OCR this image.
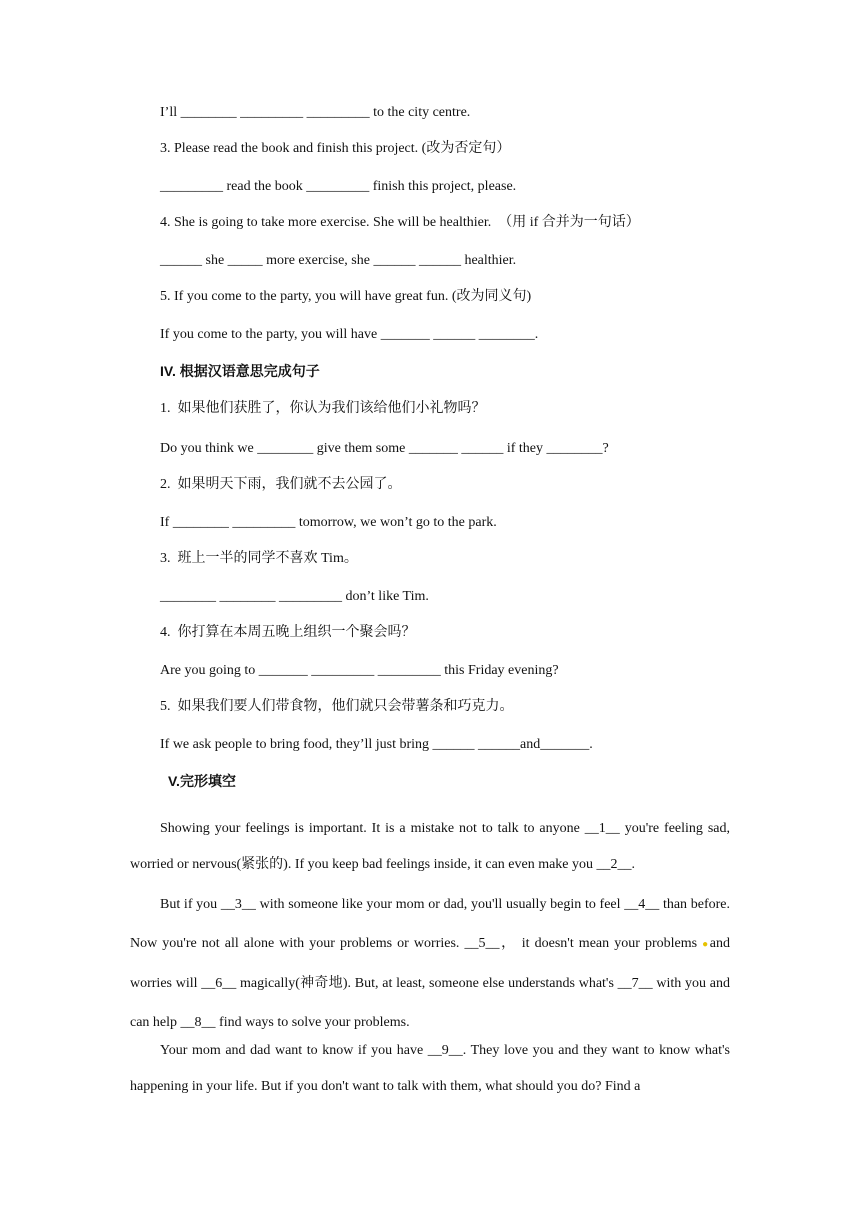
I’ll ________ _________ _________ to the city centre.
3. Please read the book and finish this project. (改为否定句）
_________ read the book _________ finish this project, please.
4. She is going to take more exercise. She will be healthier.  （用 if 合并为一句话）
______ she _____ more exercise, she ______ ______ healthier.
5. If you come to the party, you will have great fun. (改为同义句)
If you come to the party, you will have _______ ______ ________.
IV. 根据汉语意思完成句子
1.  如果他们获胜了，你认为我们该给他们小礼物吗？
Do you think we ________ give them some _______ ______ if they ________?
2.  如果明天下雨，我们就不去公园了。
If ________ _________ tomorrow, we won’t go to the park.
3.  班上一半的同学不喜欢 Tim。
________ ________ _________ don’t like Tim.
4.  你打算在本周五晚上组织一个聚会吗？
Are you going to _______ _________ _________ this Friday evening?
5.  如果我们要人们带食物，他们就只会带薯条和巧克力。
If we ask people to bring food, they’ll just bring ______ ______and_______.
V.完形填空
Showing your feelings is important. It is a mistake not to talk to anyone __1__ you're feeling sad, worried or nervous(紧张的). If you keep bad feelings inside, it can even make you __2__.
But if you __3__ with someone like your mom or dad, you'll usually begin to feel __4__ than before. Now you're not all alone with your problems or worries. __5__， it doesn't mean your problems ●and worries will __6__ magically(神奇地). But, at least, someone else understands what's __7__ with you and can help __8__ find ways to solve your problems.
Your mom and dad want to know if you have __9__. They love you and they want to know what's happening in your life. But if you don't want to talk with them, what should you do? Find a
